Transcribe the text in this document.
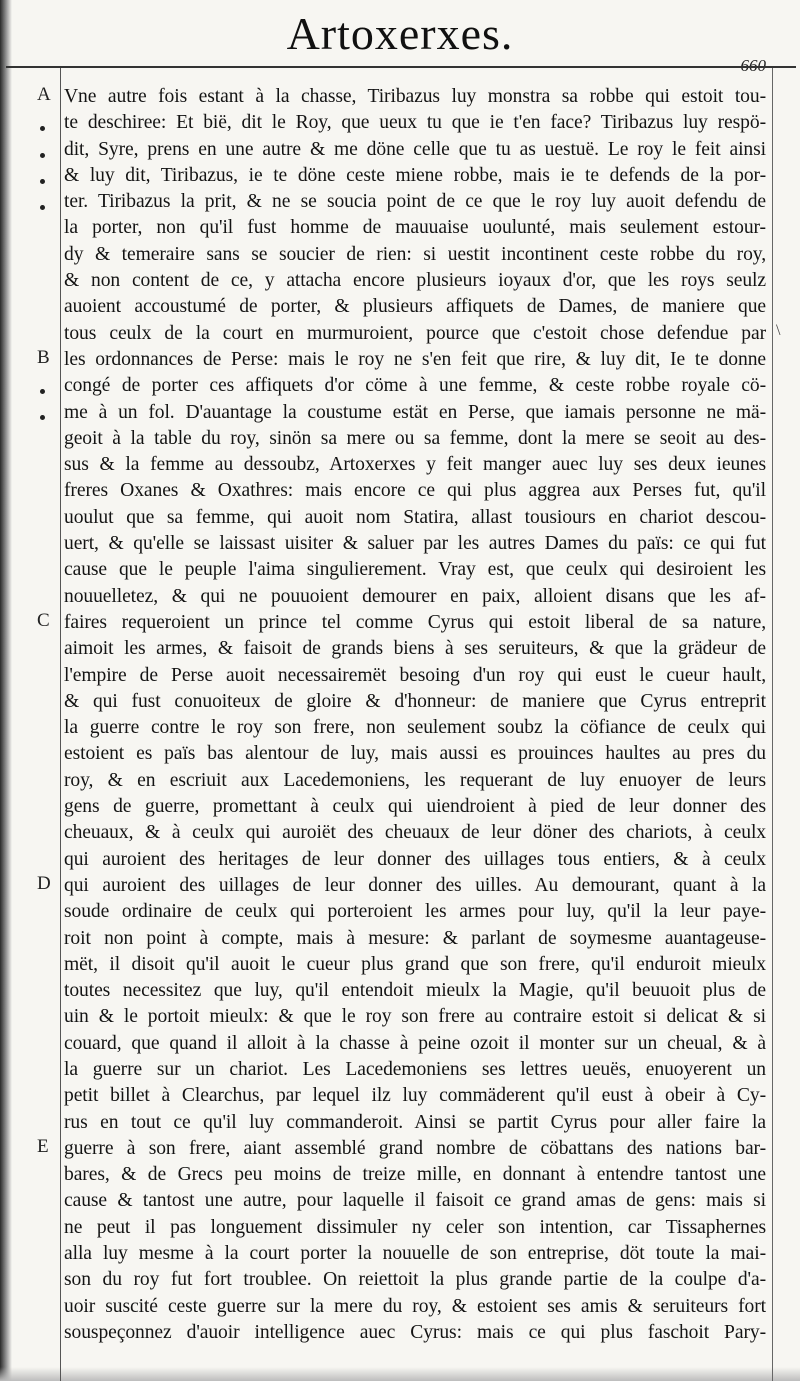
Artoxerxes.
A
B
C
D
E
\
Vne autre fois estant à la chasse, Tiribazus luy monstra sa robbe qui estoit tou-
te deschiree: Et bië, dit le Roy, que ueux tu que ie t'en face? Tiribazus luy respö-
dit, Syre, prens en une autre & me döne celle que tu as uestuë. Le roy le feit ainsi
& luy dit, Tiribazus, ie te döne ceste miene robbe, mais ie te defends de la por-
ter. Tiribazus la prit, & ne se soucia point de ce que le roy luy auoit defendu de
la porter, non qu'il fust homme de mauuaise uoulunté, mais seulement estour-
dy & temeraire sans se soucier de rien: si uestit incontinent ceste robbe du roy,
& non content de ce, y attacha encore plusieurs ioyaux d'or, que les roys seulz
auoient accoustumé de porter, & plusieurs affiquets de Dames, de maniere que
tous ceulx de la court en murmuroient, pource que c'estoit chose defendue par
les ordonnances de Perse: mais le roy ne s'en feit que rire, & luy dit, Ie te donne
congé de porter ces affiquets d'or cöme à une femme, & ceste robbe royale cö-
me à un fol. D'auantage la coustume estät en Perse, que iamais personne ne mä-
geoit à la table du roy, sinön sa mere ou sa femme, dont la mere se seoit au des-
sus & la femme au dessoubz, Artoxerxes y feit manger auec luy ses deux ieunes
freres Oxanes & Oxathres: mais encore ce qui plus aggrea aux Perses fut, qu'il
uoulut que sa femme, qui auoit nom Statira, allast tousiours en chariot descou-
uert, & qu'elle se laissast uisiter & saluer par les autres Dames du païs: ce qui fut
cause que le peuple l'aima singulierement. Vray est, que ceulx qui desiroient les
nouuelletez, & qui ne pouuoient demourer en paix, alloient disans que les af-
faires requeroient un prince tel comme Cyrus qui estoit liberal de sa nature,
aimoit les armes, & faisoit de grands biens à ses seruiteurs, & que la grädeur de
l'empire de Perse auoit necessairemët besoing d'un roy qui eust le cueur hault,
& qui fust conuoiteux de gloire & d'honneur: de maniere que Cyrus entreprit
la guerre contre le roy son frere, non seulement soubz la cöfiance de ceulx qui
estoient es païs bas alentour de luy, mais aussi es prouinces haultes au pres du
roy, & en escriuit aux Lacedemoniens, les requerant de luy enuoyer de leurs
gens de guerre, promettant à ceulx qui uiendroient à pied de leur donner des
cheuaux, & à ceulx qui auroiët des cheuaux de leur döner des chariots, à ceulx
qui auroient des heritages de leur donner des uillages tous entiers, & à ceulx
qui auroient des uillages de leur donner des uilles. Au demourant, quant à la
soude ordinaire de ceulx qui porteroient les armes pour luy, qu'il la leur paye-
roit non point à compte, mais à mesure: & parlant de soymesme auantageuse-
mët, il disoit qu'il auoit le cueur plus grand que son frere, qu'il enduroit mieulx
toutes necessitez que luy, qu'il entendoit mieulx la Magie, qu'il beuuoit plus de
uin & le portoit mieulx: & que le roy son frere au contraire estoit si delicat & si
couard, que quand il alloit à la chasse à peine ozoit il monter sur un cheual, & à
la guerre sur un chariot. Les Lacedemoniens ses lettres ueuës, enuoyerent un
petit billet à Clearchus, par lequel ilz luy commäderent qu'il eust à obeir à Cy-
rus en tout ce qu'il luy commanderoit. Ainsi se partit Cyrus pour aller faire la
guerre à son frere, aiant assemblé grand nombre de cöbattans des nations bar-
bares, & de Grecs peu moins de treize mille, en donnant à entendre tantost une
cause & tantost une autre, pour laquelle il faisoit ce grand amas de gens: mais si
ne peut il pas longuement dissimuler ny celer son intention, car Tissaphernes
alla luy mesme à la court porter la nouuelle de son entreprise, döt toute la mai-
son du roy fut fort troublee. On reiettoit la plus grande partie de la coulpe d'a-
uoir suscité ceste guerre sur la mere du roy, & estoient ses amis & seruiteurs fort
souspeçonnez d'auoir intelligence auec Cyrus: mais ce qui plus faschoit Pary-
